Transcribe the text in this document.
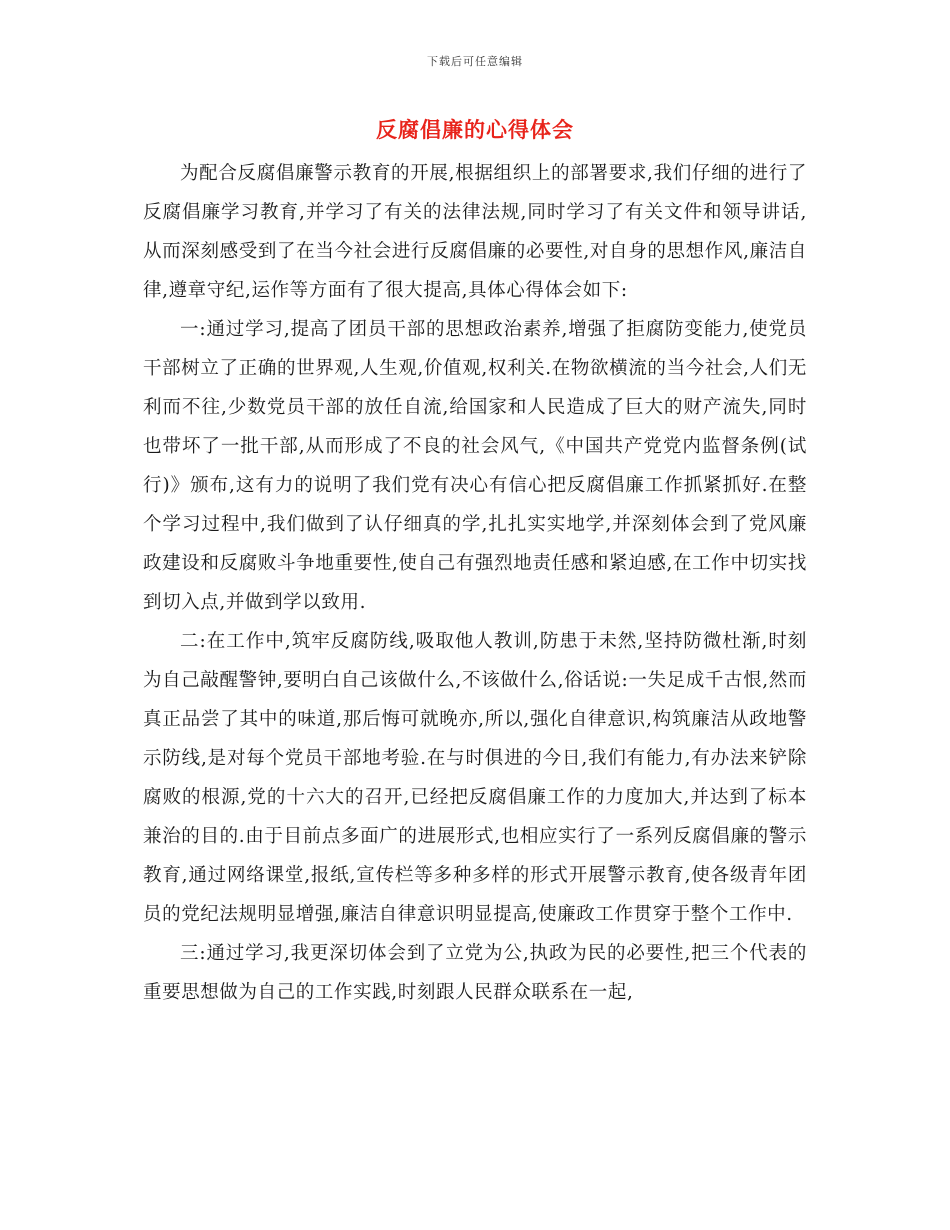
下载后可任意编辑
反腐倡廉的心得体会

为配合反腐倡廉警示教育的开展,根据组织上的部署要求,我们仔细的进行了反腐倡廉学习教育,并学习了有关的法律法规,同时学习了有关文件和领导讲话,从而深刻感受到了在当今社会进行反腐倡廉的必要性,对自身的思想作风,廉洁自律,遵章守纪,运作等方面有了很大提高,具体心得体会如下:

一:通过学习,提高了团员干部的思想政治素养,增强了拒腐防变能力,使党员干部树立了正确的世界观,人生观,价值观,权利关.在物欲横流的当今社会,人们无利而不往,少数党员干部的放任自流,给国家和人民造成了巨大的财产流失,同时也带坏了一批干部,从而形成了不良的社会风气,《中国共产党党内监督条例(试行)》颁布,这有力的说明了我们党有决心有信心把反腐倡廉工作抓紧抓好.在整个学习过程中,我们做到了认仔细真的学,扎扎实实地学,并深刻体会到了党风廉政建设和反腐败斗争地重要性,使自己有强烈地责任感和紧迫感,在工作中切实找到切入点,并做到学以致用.

二:在工作中,筑牢反腐防线,吸取他人教训,防患于未然,坚持防微杜渐,时刻为自己敲醒警钟,要明白自己该做什么,不该做什么,俗话说:一失足成千古恨,然而真正品尝了其中的味道,那后悔可就晚亦,所以,强化自律意识,构筑廉洁从政地警示防线,是对每个党员干部地考验.在与时俱进的今日,我们有能力,有办法来铲除腐败的根源,党的十六大的召开,已经把反腐倡廉工作的力度加大,并达到了标本兼治的目的.由于目前点多面广的进展形式,也相应实行了一系列反腐倡廉的警示教育,通过网络课堂,报纸,宣传栏等多种多样的形式开展警示教育,使各级青年团员的党纪法规明显增强,廉洁自律意识明显提高,使廉政工作贯穿于整个工作中.

三:通过学习,我更深切体会到了立党为公,执政为民的必要性,把三个代表的重要思想做为自己的工作实践,时刻跟人民群众联系在一起,
